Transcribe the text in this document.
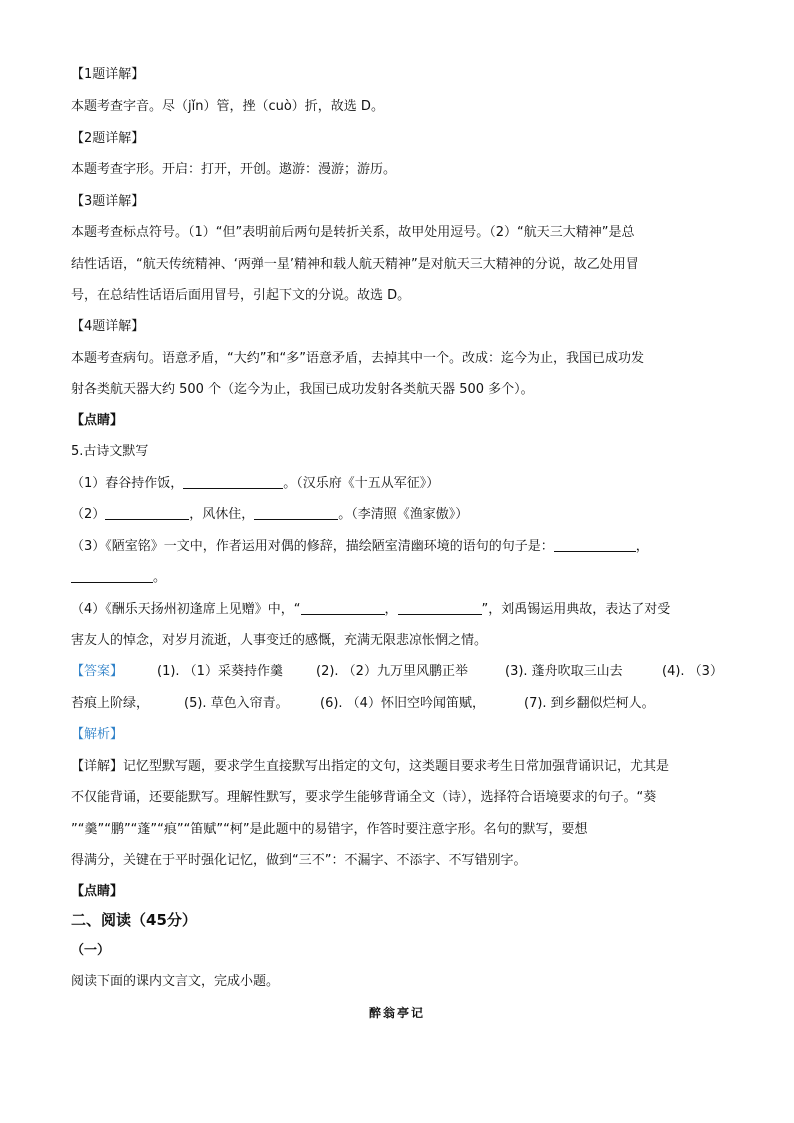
【1题详解】
本题考查字音。尽（jǐn）管，挫（cuò）折，故选 D。
【2题详解】
本题考查字形。开启：打开，开创。遨游：漫游；游历。
【3题详解】
本题考查标点符号。（1）“但”表明前后两句是转折关系，故甲处用逗号。（2）“航天三大精神”是总
结性话语，“航天传统精神、‘两弹一星’精神和载人航天精神”是对航天三大精神的分说，故乙处用冒
号，在总结性话语后面用冒号，引起下文的分说。故选 D。
【4题详解】
本题考查病句。语意矛盾，“大约”和“多”语意矛盾，去掉其中一个。改成：迄今为止，我国已成功发
射各类航天器大约 500 个（迄今为止，我国已成功发射各类航天器 500 多个）。
【点睛】
5.古诗文默写
（1）舂谷持作饭，	。（汉乐府《十五从军征》）
（2）	，风休住，	。（李清照《渔家傲》）
（3）《陋室铭》一文中，作者运用对偶的修辞，描绘陋室清幽环境的语句的句子是：	，
。
（4）《酬乐天扬州初逢席上见赠》中，“	，	”，刘禹锡运用典故，表达了对受
害友人的悼念，对岁月流逝，人事变迁的感慨，充满无限悲凉怅惘之情。
【答案】	(1). （1）采葵持作羹	(2). （2）九万里风鹏正举	(3). 蓬舟吹取三山去	(4). （3）
苔痕上阶绿，	(5). 草色入帘青。 (6). （4）怀旧空吟闻笛赋，	(7). 到乡翻似烂柯人。
【解析】
【详解】记忆型默写题，要求学生直接默写出指定的文句，这类题目要求考生日常加强背诵识记，尤其是
不仅能背诵，还要能默写。理解性默写，要求学生能够背诵全文（诗），选择符合语境要求的句子。“葵
”“羹”“鹏”“蓬”“痕”“笛赋”“柯”是此题中的易错字，作答时要注意字形。名句的默写，要想
得满分，关键在于平时强化记忆，做到“三不”：不漏字、不添字、不写错别字。
【点睛】
二、阅读（45分）
（一）
阅读下面的课内文言文，完成小题。
醉翁亭记
